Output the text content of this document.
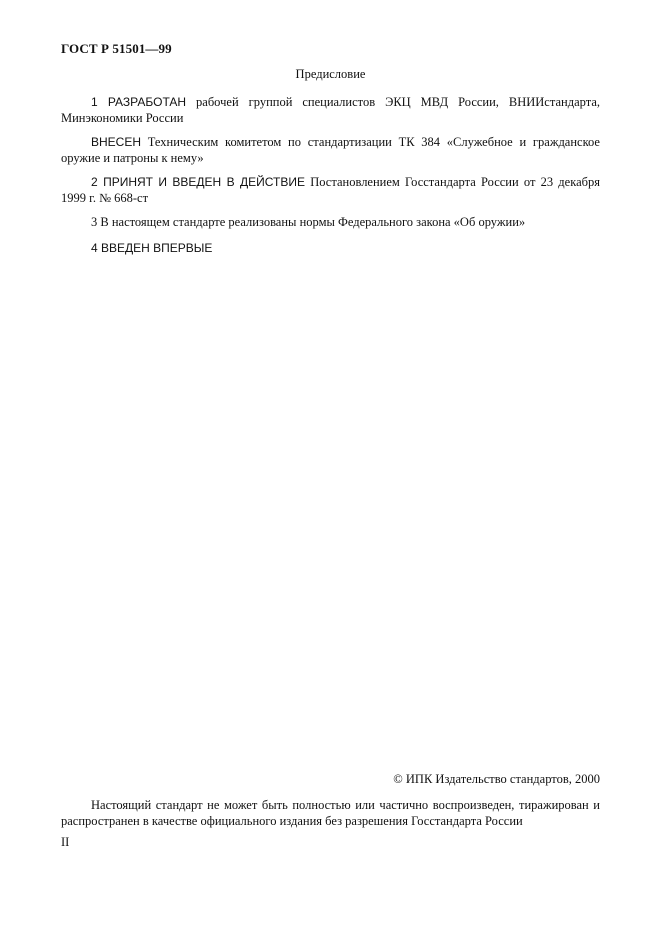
ГОСТ Р 51501—99
Предисловие
1 РАЗРАБОТАН рабочей группой специалистов ЭКЦ МВД России, ВНИИстандарта, Минэкономики России
ВНЕСЕН Техническим комитетом по стандартизации ТК 384 «Служебное и гражданское оружие и патроны к нему»
2 ПРИНЯТ И ВВЕДЕН В ДЕЙСТВИЕ Постановлением Госстандарта России от 23 декабря 1999 г. № 668-ст
3 В настоящем стандарте реализованы нормы Федерального закона «Об оружии»
4 ВВЕДЕН ВПЕРВЫЕ
© ИПК Издательство стандартов, 2000
Настоящий стандарт не может быть полностью или частично воспроизведен, тиражирован и распространен в качестве официального издания без разрешения Госстандарта России
II
